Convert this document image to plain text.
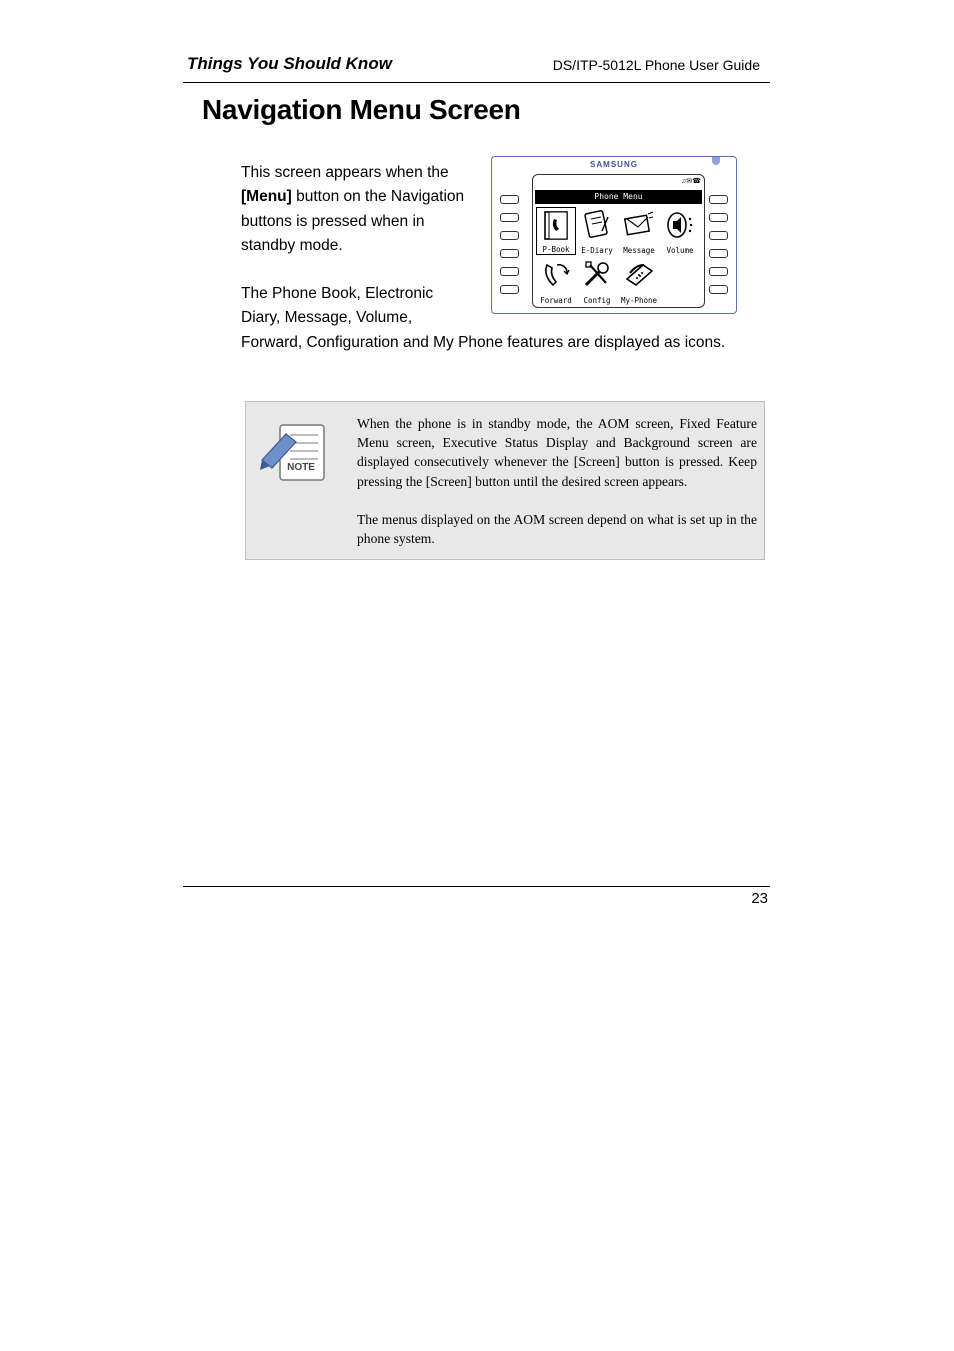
Things You Should Know	DS/ITP-5012L Phone User Guide
Navigation Menu Screen
This screen appears when the
[Menu] button on the Navigation
buttons is pressed when in
standby mode.
The Phone Book, Electronic
Diary, Message, Volume,
Forward, Configuration and My Phone features are displayed as icons.
SAMSUNG
♫✉☎
Phone Menu
P-Book	E-Diary	Message	Volume
Forward	Config	My-Phone
NOTE

When the phone is in standby mode, the AOM screen, Fixed Feature Menu screen, Executive Status Display and Background screen are displayed consecutively whenever the [Screen] button is pressed. Keep pressing the [Screen] button until the desired screen appears.

The menus displayed on the AOM screen depend on what is set up in the phone system.

23
